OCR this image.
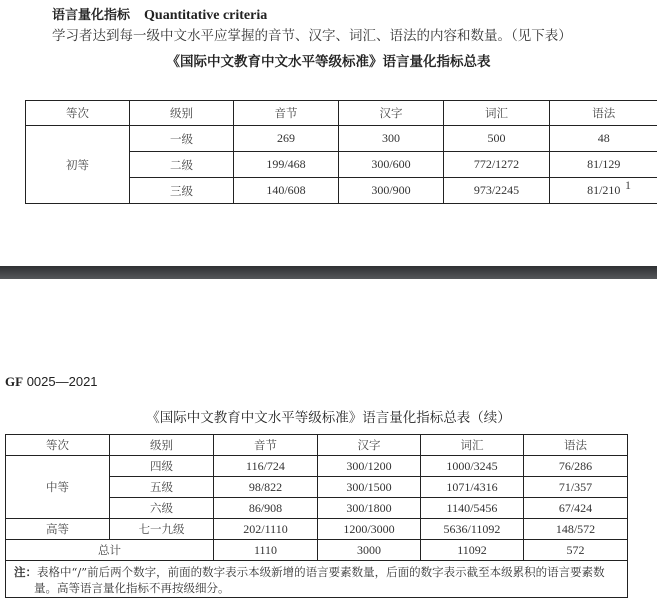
语言量化指标 Quantitative criteria
学习者达到每一级中文水平应掌握的音节、汉字、词汇、语法的内容和数量。（见下表）
《国际中文教育中文水平等级标准》语言量化指标总表
等次	级别	音节	汉字	词汇	语法
初等	一级	269	300	500	48
	二级	199/468	300/600	772/1272	81/129
	三级	140/608	300/900	973/2245	81/210 1
GF 0025—2021
《国际中文教育中文水平等级标准》语言量化指标总表（续）
等次	级别	音节	汉字	词汇	语法
中等	四级	116/724	300/1200	1000/3245	76/286
	五级	98/822	300/1500	1071/4316	71/357
	六级	86/908	300/1800	1140/5456	67/424
高等	七一九级	202/1110	1200/3000	5636/11092	148/572
总计		1110	3000	11092	572
注：表格中“/”前后两个数字，前面的数字表示本级新增的语言要素数量，后面的数字表示截至本级累积的语言要素数量。高等语言量化指标不再按级细分。					
